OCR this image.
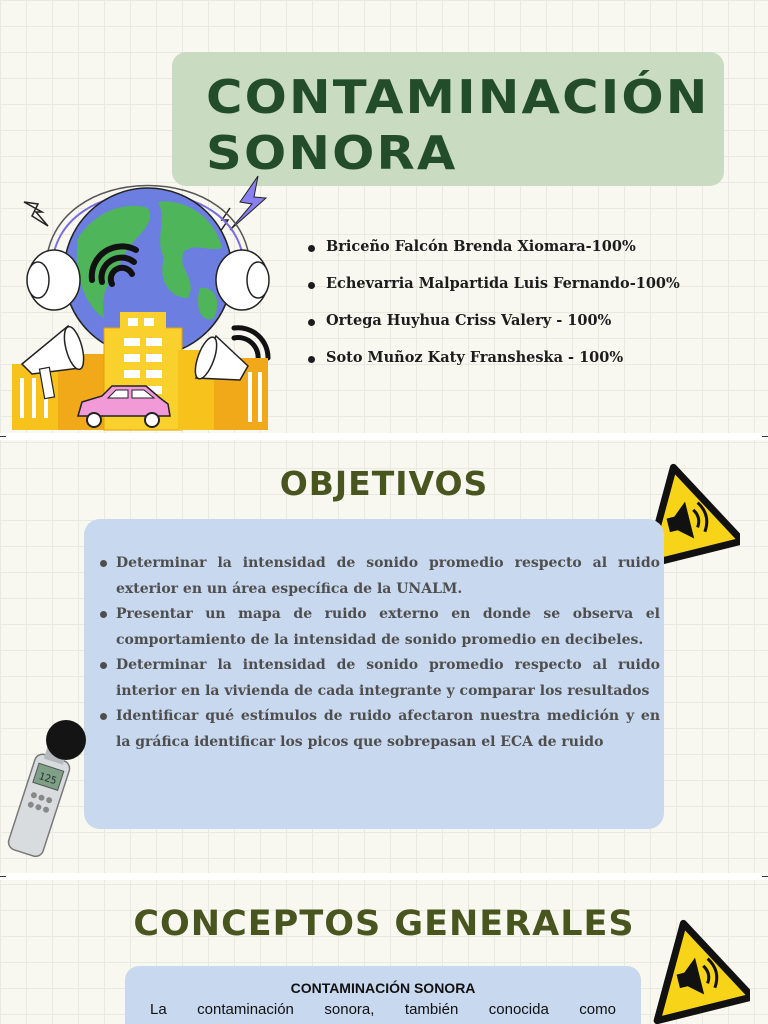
CONTAMINACIÓN
SONORA
Briceño Falcón Brenda Xiomara-100%
Echevarria Malpartida Luis Fernando-100%
Ortega Huyhua Criss Valery - 100%
Soto Muñoz Katy Fransheska - 100%
OBJETIVOS
Determinar la intensidad de sonido promedio respecto al ruido exterior en un área específica de la UNALM.
Presentar un mapa de ruido externo en donde se observa el comportamiento de la intensidad de sonido promedio en decibeles.
Determinar la intensidad de sonido promedio respecto al ruido interior en la vivienda de cada integrante y comparar los resultados
Identificar qué estímulos de ruido afectaron nuestra medición y en la gráfica identificar los picos que sobrepasan el ECA de ruido
125
CONCEPTOS GENERALES
CONTAMINACIÓN SONORA
La contaminación sonora, también conocida como
